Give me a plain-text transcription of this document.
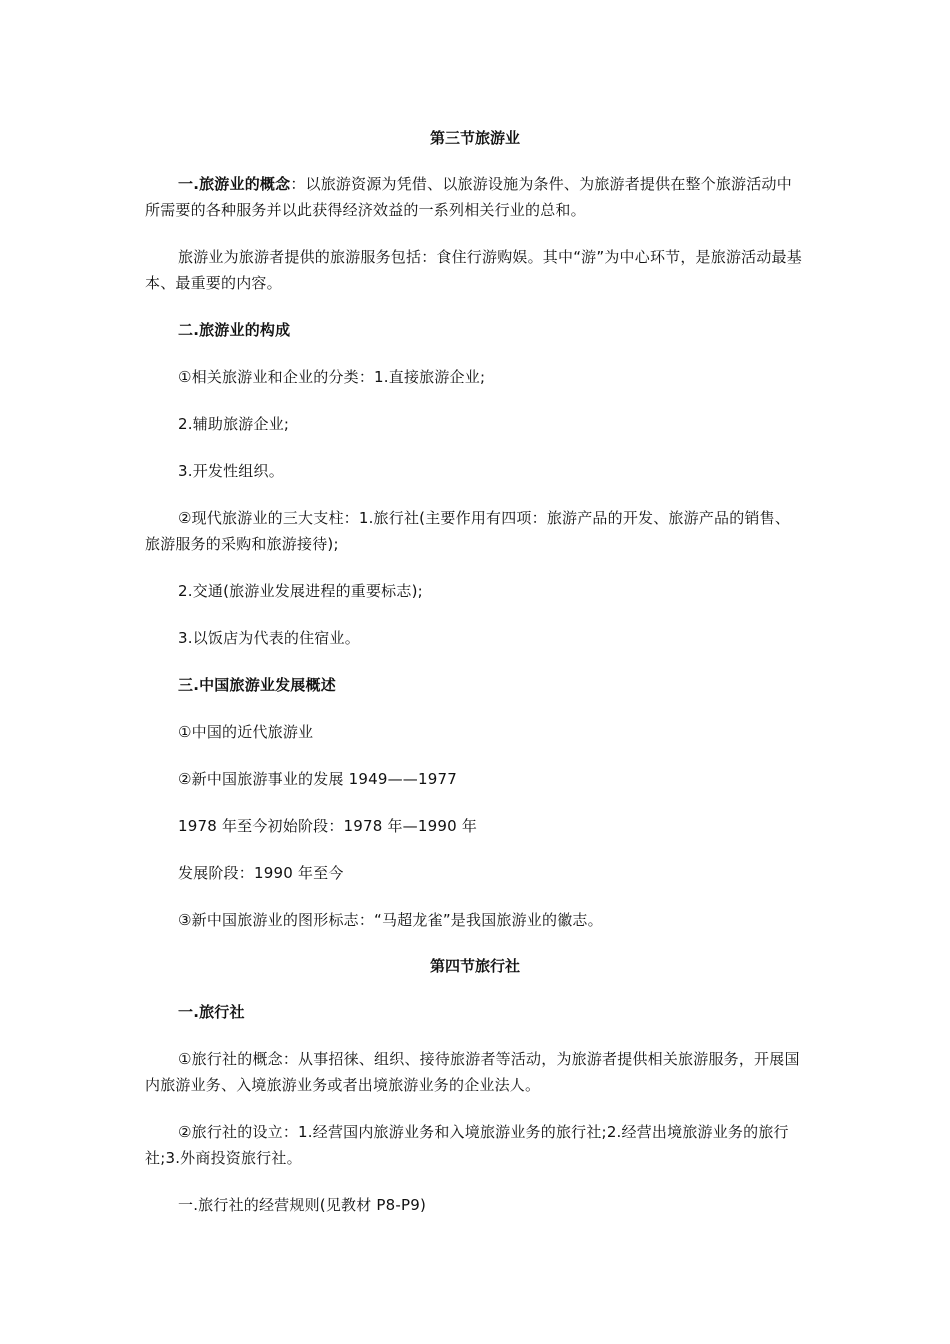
第三节旅游业

一.旅游业的概念：以旅游资源为凭借、以旅游设施为条件、为旅游者提供在整个旅游活动中所需要的各种服务并以此获得经济效益的一系列相关行业的总和。

旅游业为旅游者提供的旅游服务包括：食住行游购娱。其中“游”为中心环节，是旅游活动最基本、最重要的内容。

二.旅游业的构成

①相关旅游业和企业的分类：1.直接旅游企业;

2.辅助旅游企业;

3.开发性组织。

②现代旅游业的三大支柱：1.旅行社(主要作用有四项：旅游产品的开发、旅游产品的销售、旅游服务的采购和旅游接待);

2.交通(旅游业发展进程的重要标志);

3.以饭店为代表的住宿业。

三.中国旅游业发展概述

①中国的近代旅游业

②新中国旅游事业的发展 1949——1977

1978 年至今初始阶段：1978 年—1990 年

发展阶段：1990 年至今

③新中国旅游业的图形标志：“马超龙雀”是我国旅游业的徽志。

第四节旅行社

一.旅行社

①旅行社的概念：从事招徕、组织、接待旅游者等活动，为旅游者提供相关旅游服务，开展国内旅游业务、入境旅游业务或者出境旅游业务的企业法人。

②旅行社的设立：1.经营国内旅游业务和入境旅游业务的旅行社;2.经营出境旅游业务的旅行社;3.外商投资旅行社。

一.旅行社的经营规则(见教材 P8-P9)
